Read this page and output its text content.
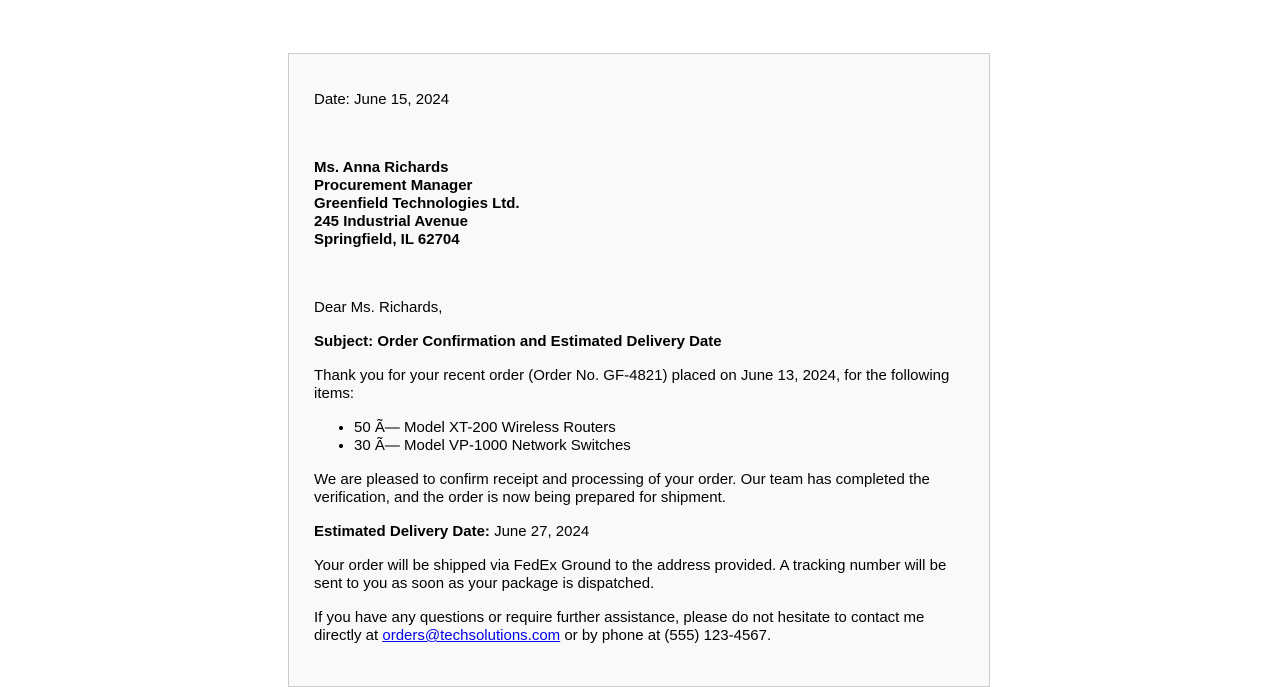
Date: June 15, 2024

Ms. Anna Richards
Procurement Manager
Greenfield Technologies Ltd.
245 Industrial Avenue
Springfield, IL 62704

Dear Ms. Richards,

Subject: Order Confirmation and Estimated Delivery Date

Thank you for your recent order (Order No. GF-4821) placed on June 13, 2024, for the following items:

• 50 Ã— Model XT-200 Wireless Routers
• 30 Ã— Model VP-1000 Network Switches

We are pleased to confirm receipt and processing of your order. Our team has completed the verification, and the order is now being prepared for shipment.

Estimated Delivery Date: June 27, 2024

Your order will be shipped via FedEx Ground to the address provided. A tracking number will be sent to you as soon as your package is dispatched.

If you have any questions or require further assistance, please do not hesitate to contact me directly at orders@techsolutions.com or by phone at (555) 123-4567.
